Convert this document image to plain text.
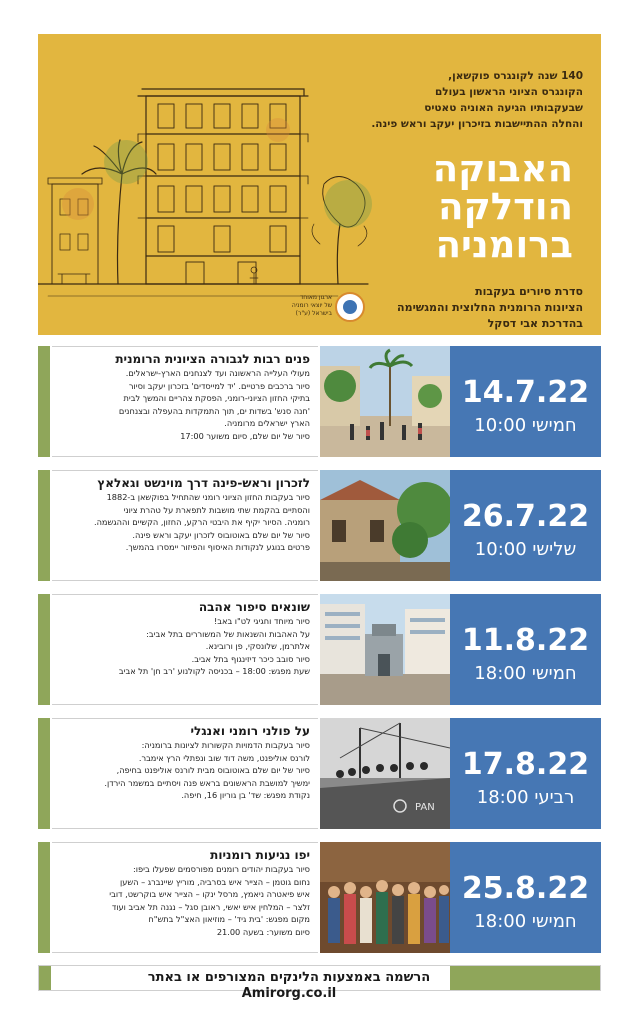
140 שנה לקונגרס פוקשאן,
הקונגרס הציוני הראשון בעולם
שבעקבותיו הגיעה האוניה טאטיס
והחלה ההתיישבות בזיכרון יעקב וראש פינה.
האבוקה
הודלקה
ברומניה
סדרת סיורים בעקבות
הציונות הרומנית החלוצית והמגשימה
בהדרכת אבי דסקל
ארגון מאוחד
של יוצאי רומניה
בישראל (ע"ר)
פנים רבות לגבורה הציונית הרומנית
מעולי העלייה הראשונה ועד לצנחנים הארץ-ישראלים.
סיור ברכבים פרטיים. 'יד למייסדים' בזכרון יעקב וסיור
בתיקי החזון הציוני-רומני, הפסקת צהריים והמשך לבית
'חנה סנש' בשדות ים, תוך התמקדות בהעפלה ובצנחנים
הארץ ישראלים מרומניה.
סיור של יום שלם, סיום משוער 17:00
14.7.22
חמישי 10:00
לזכרון וראש-פינה דרך מוינשט וגאלאץ
סיור בעקבות החזון הציוני רומני שהתחיל בפוקשאן ב-1882
והסתיים בהקמת שתי מושבות לתפארת על טהרת ציוני
רומניה. הסיור יקיף את היבטי הרקע, החזון, הקשיים וההגשמה.
סיור של יום שלם באוטובוס לזכרון יעקב וראש פינה.
פרטים בנוגע לנקודות האיסוף והפיזור יימסרו בהמשך.
26.7.22
שלישי 10:00
שונאים סיפור אהבה
סיור מיוחד וחגיגי לט"ו באב!
על האהבות והשנאות של המשוררים בתל אביב:
אלתרמן, שלונסקי, פן ורובינא.
סיור סובב כיכר דיזינגוף בתל אביב.
שעת מפגש: 18:00 – בכניסה לקולנוע 'רב חן' תל אביב
11.8.22
חמישי 18:00
על פולני רומני ואנגלי
סיור בעקבות הדמויות הקשורות לציונות ברומניה:
לורנס אוליפנט, משה דוד שוב ונפתלי הרץ אימבר.
סיור של יום שלם באוטובוס מבית לורנס אוליפנט בחיפה,
ימשיך למושבת הראשונים בראש פנה ויסתיים במשמר הירדן.
נקודת מפגש: שד' בן גוריון 16, חיפה.
PAN
17.8.22
רביעי 18:00
יפו נגיעות רומניות
סיור בעקבות יהודים רומנים מפורסמים שפעלו ביפו:
נחום גוטמן – הצייר איש בסרביה, מוריץ שיינברג – השען
איש פיאטרה ניאמץ, מרסל ינקו – הצייר איש בוקרשט, דובי
זלצר – המלחין איש יאשי, ראובן סגל – נגנה תל אביב ועוד
מקום מפגש: 'בית גיד' – מוזיאון האצ"ל בתש"ח
סיום משוער: בשעה 21.00
25.8.22
חמישי 18:00
הרשמה באמצעות הלינקים המצורפים או באתר Amirorg.co.il
